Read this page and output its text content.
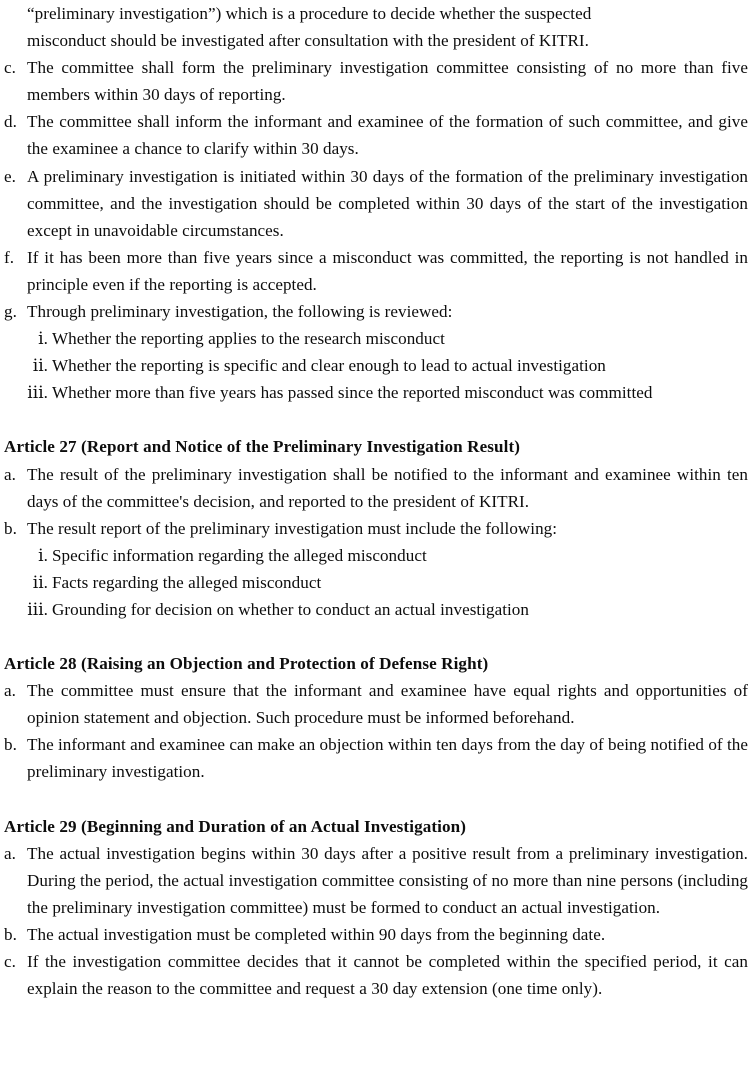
“preliminary investigation”) which is a procedure to decide whether the suspected
misconduct should be investigated after consultation with the president of KITRI.
c. The committee shall form the preliminary investigation committee consisting of no more than five members within 30 days of reporting.
d. The committee shall inform the informant and examinee of the formation of such committee, and give the examinee a chance to clarify within 30 days.
e. A preliminary investigation is initiated within 30 days of the formation of the preliminary investigation committee, and the investigation should be completed within 30 days of the start of the investigation except in unavoidable circumstances.
f. If it has been more than five years since a misconduct was committed, the reporting is not handled in principle even if the reporting is accepted.
g. Through preliminary investigation, the following is reviewed:
ⅰ. Whether the reporting applies to the research misconduct
ⅱ. Whether the reporting is specific and clear enough to lead to actual investigation
ⅲ. Whether more than five years has passed since the reported misconduct was committed
Article 27 (Report and Notice of the Preliminary Investigation Result)
a. The result of the preliminary investigation shall be notified to the informant and examinee within ten days of the committee's decision, and reported to the president of KITRI.
b. The result report of the preliminary investigation must include the following:
ⅰ. Specific information regarding the alleged misconduct
ⅱ. Facts regarding the alleged misconduct
ⅲ. Grounding for decision on whether to conduct an actual investigation
Article 28 (Raising an Objection and Protection of Defense Right)
a. The committee must ensure that the informant and examinee have equal rights and opportunities of opinion statement and objection. Such procedure must be informed beforehand.
b. The informant and examinee can make an objection within ten days from the day of being notified of the preliminary investigation.
Article 29 (Beginning and Duration of an Actual Investigation)
a. The actual investigation begins within 30 days after a positive result from a preliminary investigation. During the period, the actual investigation committee consisting of no more than nine persons (including the preliminary investigation committee) must be formed to conduct an actual investigation.
b. The actual investigation must be completed within 90 days from the beginning date.
c. If the investigation committee decides that it cannot be completed within the specified period, it can explain the reason to the committee and request a 30 day extension (one time only).
